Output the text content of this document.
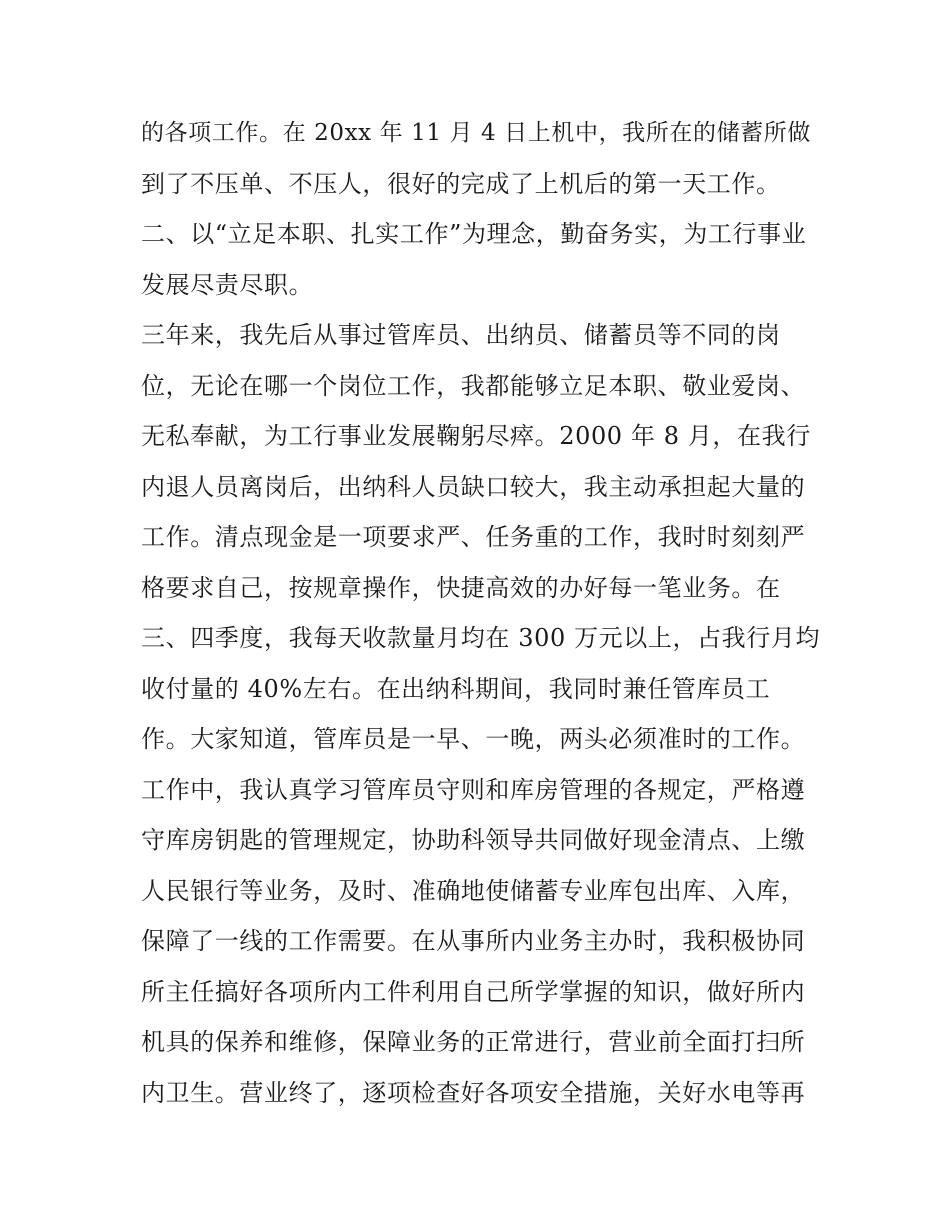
的各项工作。在 20xx 年 11 月 4 日上机中，我所在的储蓄所做
到了不压单、不压人，很好的完成了上机后的第一天工作。
二、以“立足本职、扎实工作”为理念，勤奋务实，为工行事业
发展尽责尽职。
三年来，我先后从事过管库员、出纳员、储蓄员等不同的岗
位，无论在哪一个岗位工作，我都能够立足本职、敬业爱岗、
无私奉献，为工行事业发展鞠躬尽瘁。2000 年 8 月，在我行
内退人员离岗后，出纳科人员缺口较大，我主动承担起大量的
工作。清点现金是一项要求严、任务重的工作，我时时刻刻严
格要求自己，按规章操作，快捷高效的办好每一笔业务。在
三、四季度，我每天收款量月均在 300 万元以上，占我行月均
收付量的 40%左右。在出纳科期间，我同时兼任管库员工
作。大家知道，管库员是一早、一晚，两头必须准时的工作。
工作中，我认真学习管库员守则和库房管理的各规定，严格遵
守库房钥匙的管理规定，协助科领导共同做好现金清点、上缴
人民银行等业务，及时、准确地使储蓄专业库包出库、入库，
保障了一线的工作需要。在从事所内业务主办时，我积极协同
所主任搞好各项所内工件利用自己所学掌握的知识，做好所内
机具的保养和维修，保障业务的正常进行，营业前全面打扫所
内卫生。营业终了，逐项检查好各项安全措施，关好水电等再
